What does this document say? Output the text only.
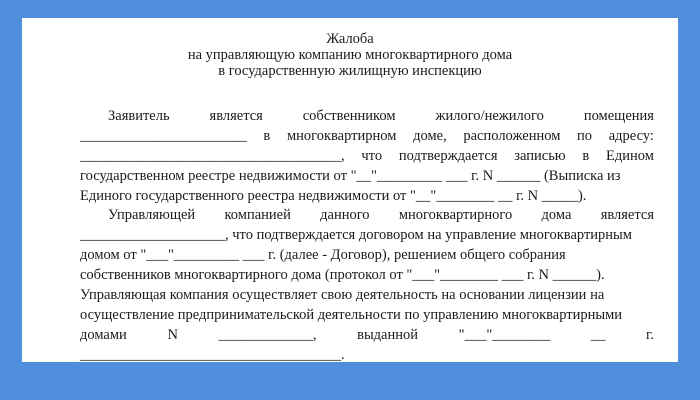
Жалоба
на управляющую компанию многоквартирного дома
в государственную жилищную инспекцию
Заявитель	является	собственником	жилого/нежилого	помещения
_______________________ в многоквартирном доме, расположенном по адресу:
____________________________________, что подтверждается записью в Едином
государственном реестре недвижимости от "__"_________ ___ г. N ______ (Выписка из
Единого государственного реестра недвижимости от "__"________ __ г. N _____).
Управляющей компанией данного многоквартирного дома является
____________________, что подтверждается договором на управление многоквартирным
домом от "___"_________ ___ г. (далее - Договор), решением общего собрания
собственников многоквартирного дома (протокол от "___"________ ___ г. N ______).
Управляющая компания осуществляет свою деятельность на основании лицензии на
осуществление предпринимательской деятельности по управлению многоквартирными
домами	N	_____________,	выданной	"___"________	__	г.
____________________________________.
